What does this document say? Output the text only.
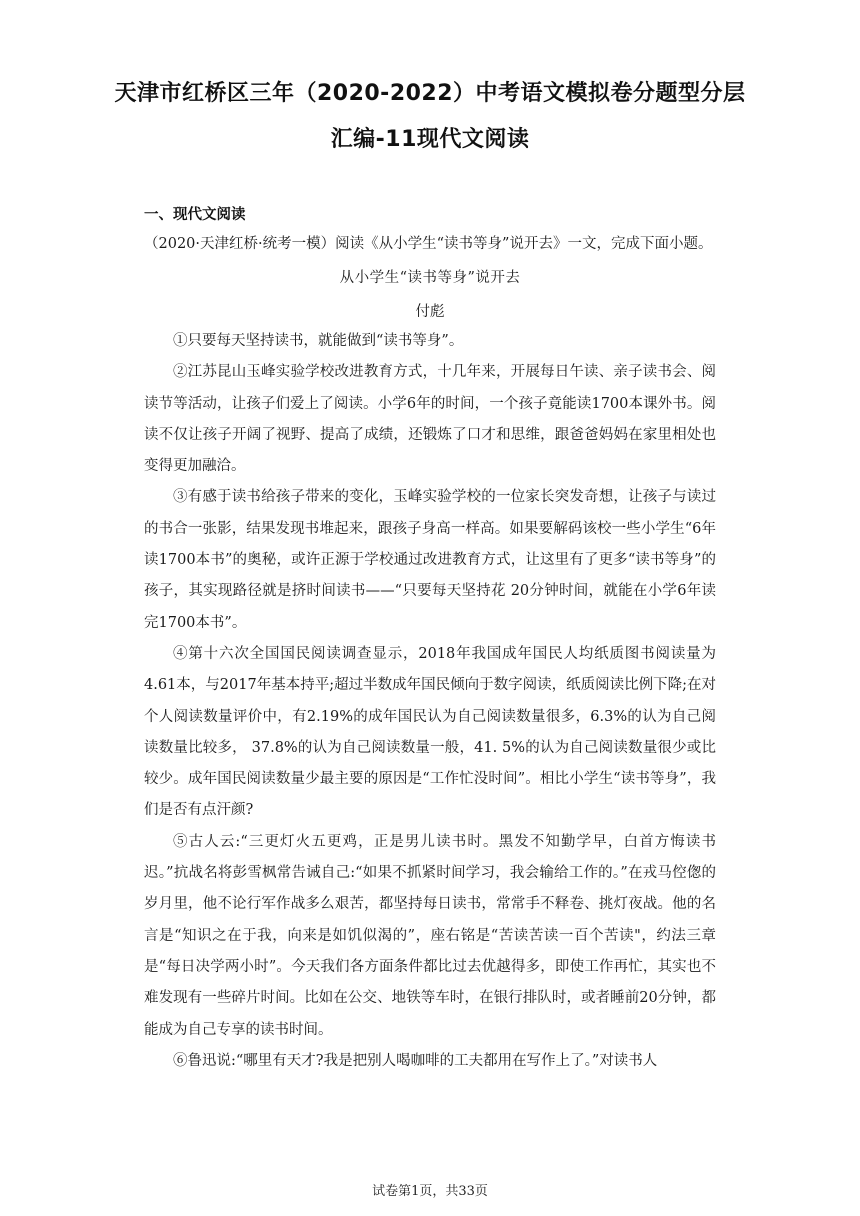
天津市红桥区三年（2020-2022）中考语文模拟卷分题型分层
汇编-11现代文阅读
一、现代文阅读
（2020·天津红桥·统考一模）阅读《从小学生“读书等身”说开去》一文，完成下面小题。
从小学生“读书等身”说开去
付彪

①只要每天坚持读书，就能做到“读书等身”。

②江苏昆山玉峰实验学校改进教育方式，十几年来，开展每日午读、亲子读书会、阅读节等活动，让孩子们爱上了阅读。小学6年的时间，一个孩子竟能读1700本课外书。阅读不仅让孩子开阔了视野、提高了成绩，还锻炼了口才和思维，跟爸爸妈妈在家里相处也变得更加融洽。

③有感于读书给孩子带来的变化，玉峰实验学校的一位家长突发奇想，让孩子与读过的书合一张影，结果发现书堆起来，跟孩子身高一样高。如果要解码该校一些小学生“6年读1700本书”的奥秘，或许正源于学校通过改进教育方式，让这里有了更多“读书等身”的孩子，其实现路径就是挤时间读书——“只要每天坚持花 20分钟时间，就能在小学6年读完1700本书”。

④第十六次全国国民阅读调查显示，2018年我国成年国民人均纸质图书阅读量为4.61本，与2017年基本持平;超过半数成年国民倾向于数字阅读，纸质阅读比例下降;在对个人阅读数量评价中，有2.19%的成年国民认为自己阅读数量很多，6.3%的认为自己阅读数量比较多， 37.8%的认为自己阅读数量一般，41. 5%的认为自己阅读数量很少或比较少。成年国民阅读数量少最主要的原因是“工作忙没时间”。相比小学生“读书等身”，我们是否有点汗颜?

⑤古人云:“三更灯火五更鸡，正是男儿读书时。黑发不知勤学早，白首方悔读书迟。”抗战名将彭雪枫常告诫自己:“如果不抓紧时间学习，我会输给工作的。”在戎马倥偬的岁月里，他不论行军作战多么艰苦，都坚持每日读书，常常手不释卷、挑灯夜战。他的名言是“知识之在于我，向来是如饥似渴的”，座右铭是“苦读苦读一百个苦读"，约法三章是“每日决学两小时”。今天我们各方面条件都比过去优越得多，即使工作再忙，其实也不难发现有一些碎片时间。比如在公交、地铁等车时，在银行排队时，或者睡前20分钟，都能成为自己专享的读书时间。

⑥鲁迅说:“哪里有天才?我是把别人喝咖啡的工夫都用在写作上了。”对读书人

试卷第1页，共33页
